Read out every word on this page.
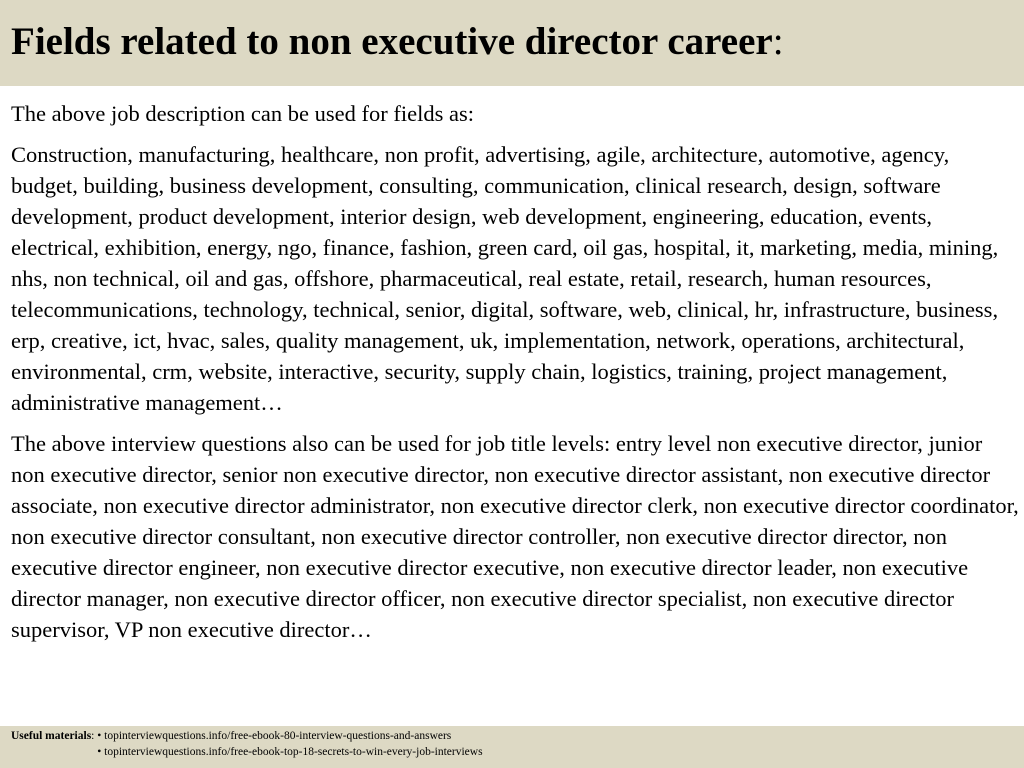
Fields related to non executive director career:

The above job description can be used for fields as:

Construction, manufacturing, healthcare, non profit, advertising, agile, architecture, automotive, agency, budget, building, business development, consulting, communication, clinical research, design, software development, product development, interior design, web development, engineering, education, events, electrical, exhibition, energy, ngo, finance, fashion, green card, oil gas, hospital, it, marketing, media, mining, nhs, non technical, oil and gas, offshore, pharmaceutical, real estate, retail, research, human resources, telecommunications, technology, technical, senior, digital, software, web, clinical, hr, infrastructure, business, erp, creative, ict, hvac, sales, quality management, uk, implementation, network, operations, architectural, environmental, crm, website, interactive, security, supply chain, logistics, training, project management, administrative management…

The above interview questions also can be used for job title levels: entry level non executive director, junior non executive director, senior non executive director, non executive director assistant, non executive director associate, non executive director administrator, non executive director clerk, non executive director coordinator, non executive director consultant, non executive director controller, non executive director director, non executive director engineer, non executive director executive, non executive director leader, non executive director manager, non executive director officer, non executive director specialist, non executive director supervisor, VP non executive director…

Useful materials: • topinterviewquestions.info/free-ebook-80-interview-questions-and-answers
• topinterviewquestions.info/free-ebook-top-18-secrets-to-win-every-job-interviews
